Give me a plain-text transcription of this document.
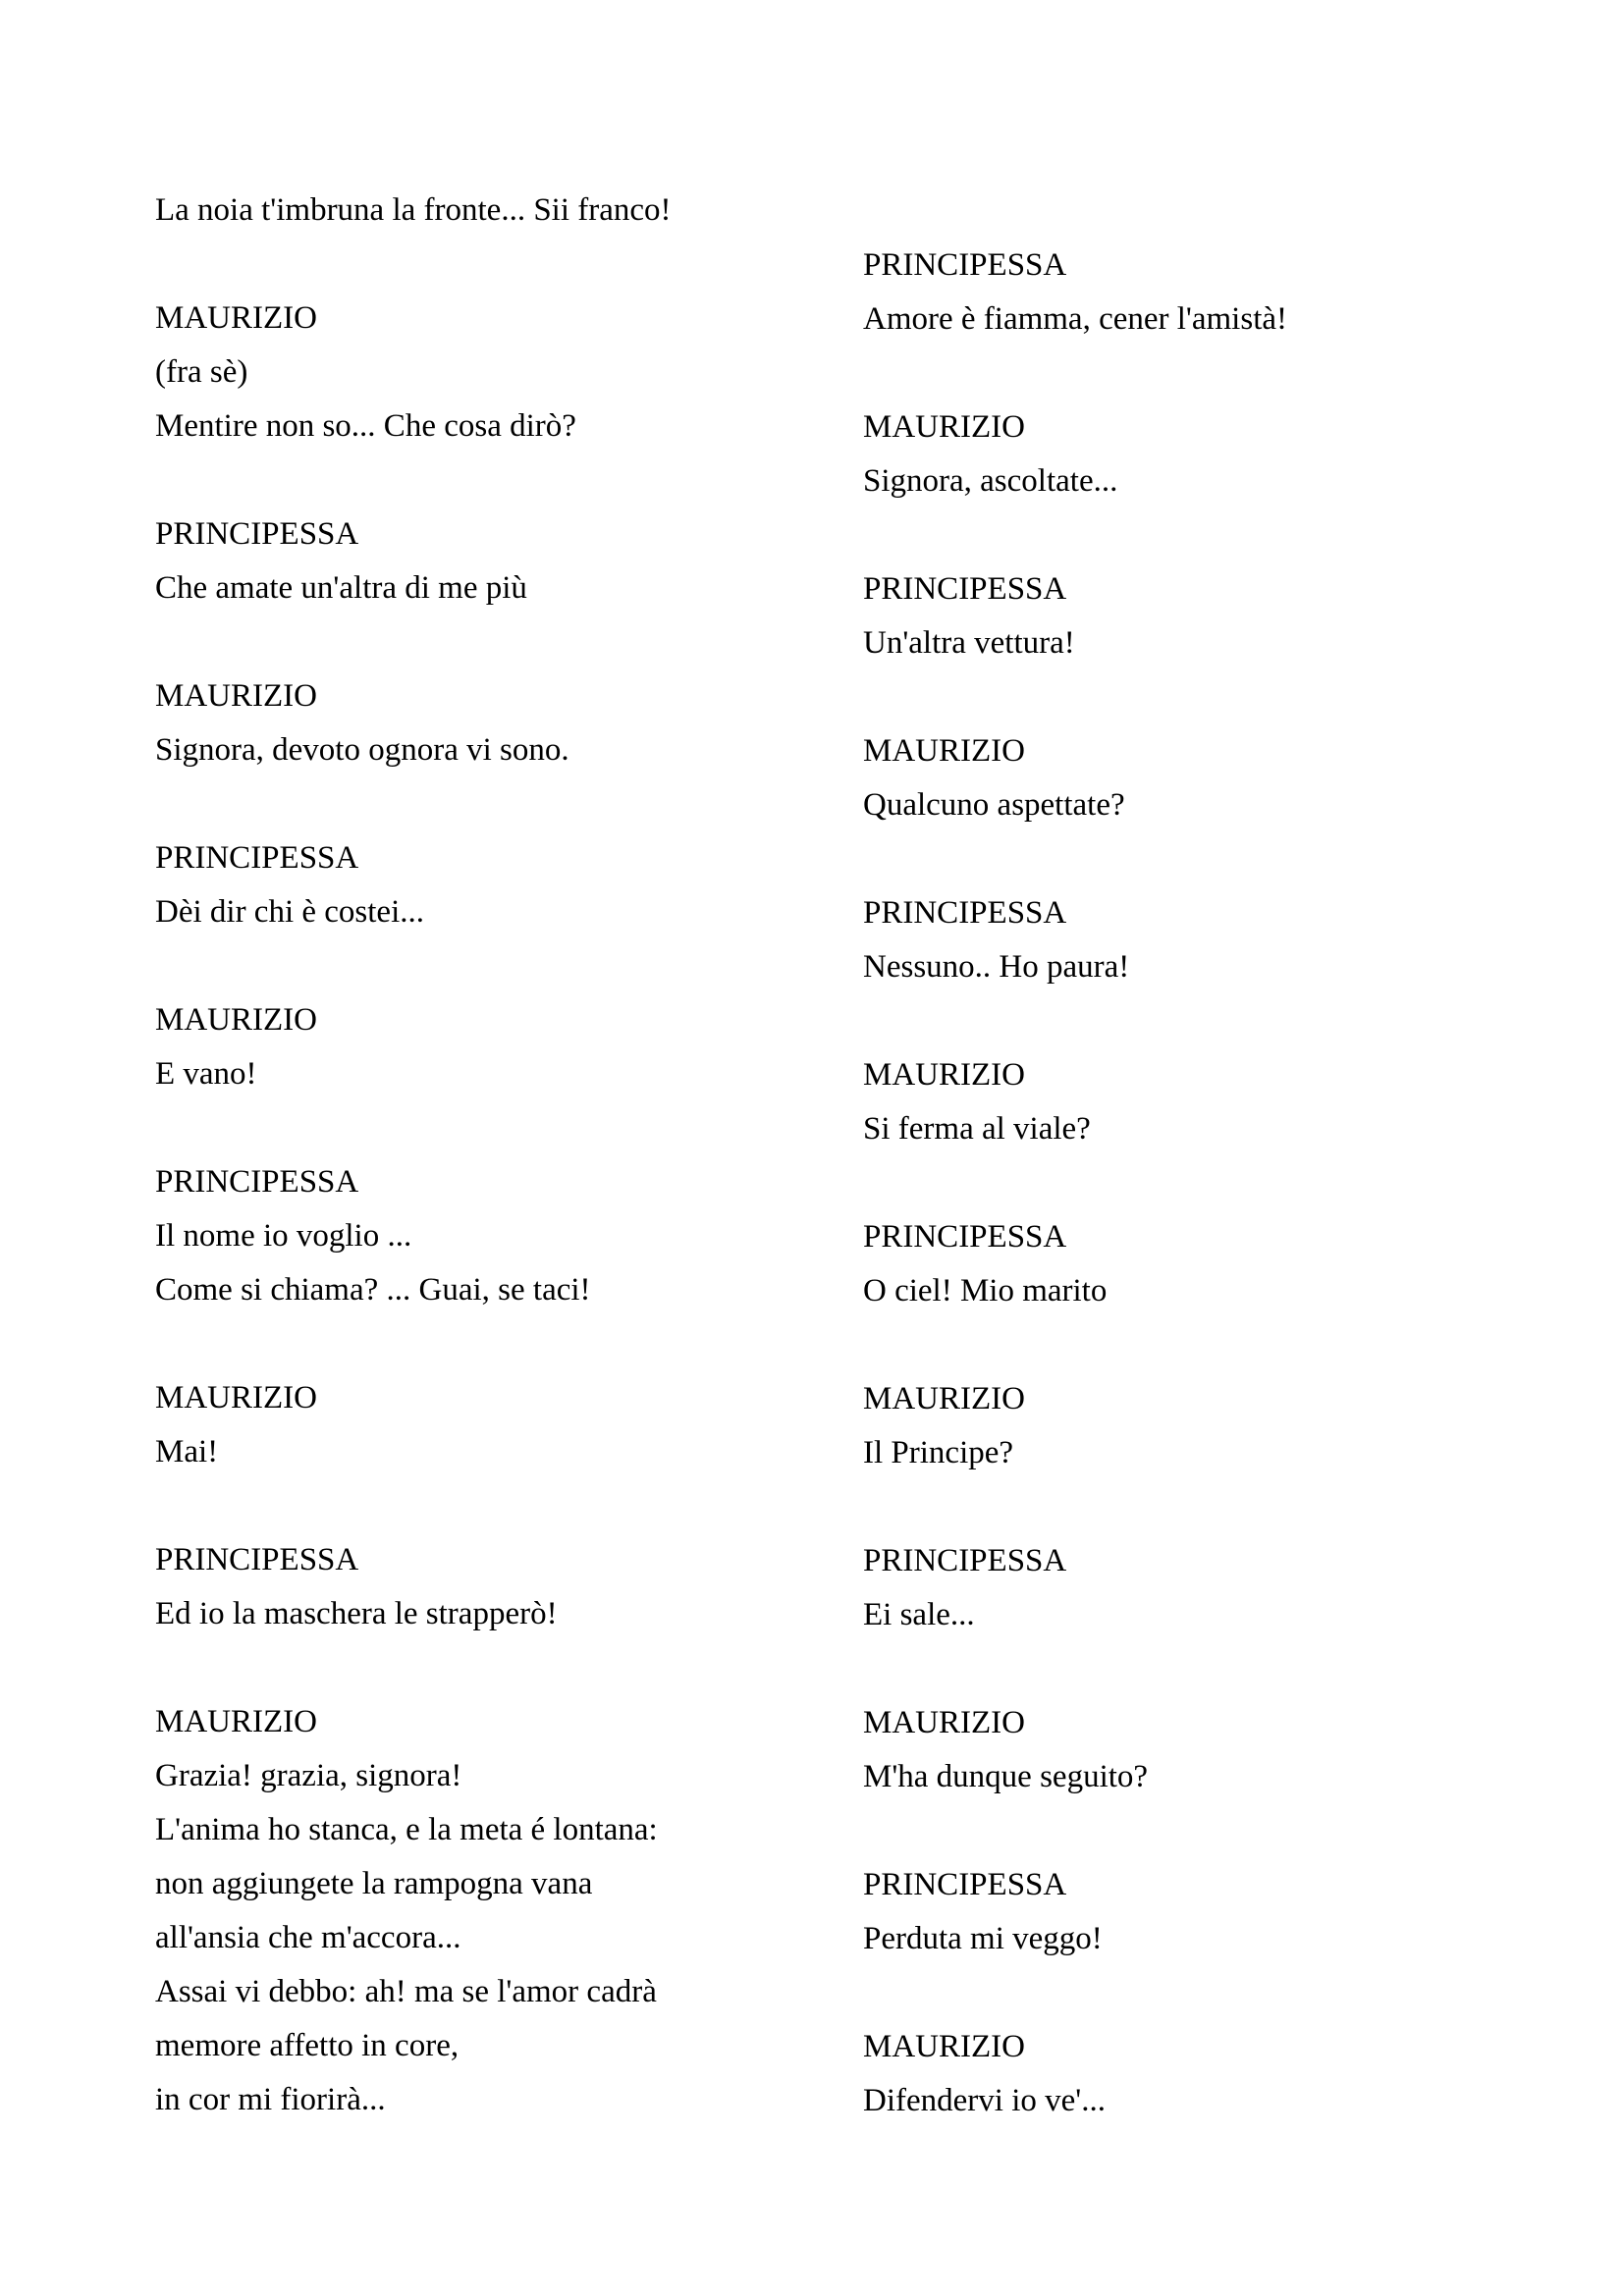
La noia t'imbruna la fronte... Sii franco!
MAURIZIO
(fra sè)
Mentire non so... Che cosa dirò?
PRINCIPESSA
Che amate un'altra di me più
MAURIZIO
Signora, devoto ognora vi sono.
PRINCIPESSA
Dèi dir chi è costei...
MAURIZIO
E vano!
PRINCIPESSA
Il nome io voglio ...
Come si chiama? ... Guai, se taci!
MAURIZIO
Mai!
PRINCIPESSA
Ed io la maschera le strapperò!
MAURIZIO
Grazia! grazia, signora!
L'anima ho stanca, e la meta é lontana:
non aggiungete la rampogna vana
all'ansia che m'accora...
Assai vi debbo: ah! ma se l'amor cadrà
memore affetto in core,
in cor mi fiorirà...
PRINCIPESSA
Amore è fiamma, cener l'amistà!
MAURIZIO
Signora, ascoltate...
PRINCIPESSA
Un'altra vettura!
MAURIZIO
Qualcuno aspettate?
PRINCIPESSA
Nessuno.. Ho paura!
MAURIZIO
Si ferma al viale?
PRINCIPESSA
O ciel! Mio marito
MAURIZIO
Il Principe?
PRINCIPESSA
Ei sale...
MAURIZIO
M'ha dunque seguito?
PRINCIPESSA
Perduta mi veggo!
MAURIZIO
Difendervi io ve'...
